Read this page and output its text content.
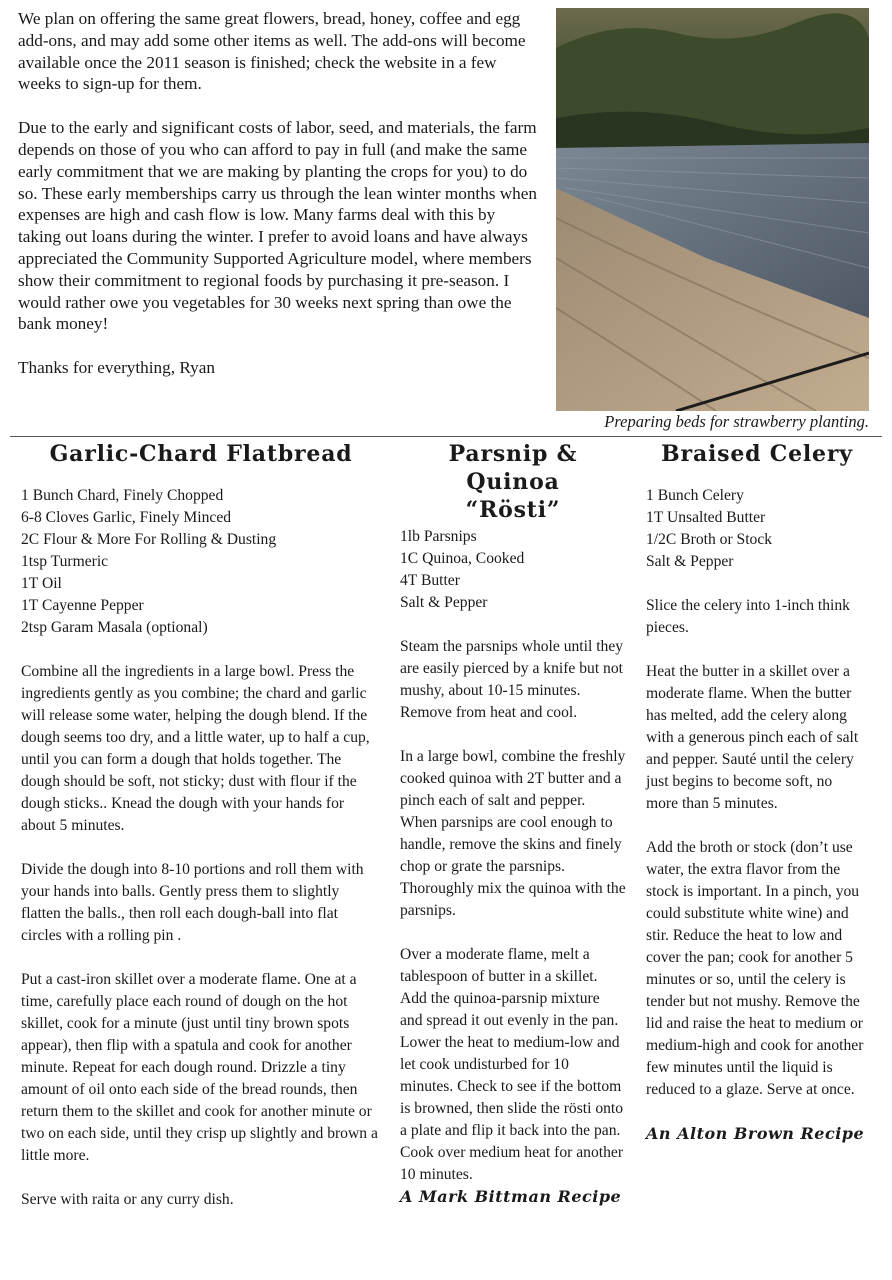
We plan on offering the same great flowers, bread, honey, coffee and egg add-ons, and may add some other items as well. The add-ons will become available once the 2011 season is finished; check the website in a few weeks to sign-up for them.

Due to the early and significant costs of labor, seed, and materials, the farm depends on those of you who can afford to pay in full (and make the same early commitment that we are making by planting the crops for you) to do so. These early memberships carry us through the lean winter months when expenses are high and cash flow is low. Many farms deal with this by taking out loans during the winter. I prefer to avoid loans and have always appreciated the Community Supported Agriculture model, where members show their commitment to regional foods by purchasing it pre-season. I would rather owe you vegetables for 30 weeks next spring than owe the bank money!

Thanks for everything, Ryan

Preparing beds for strawberry planting.
Garlic-Chard Flatbread
1 Bunch Chard, Finely Chopped
6-8 Cloves Garlic, Finely Minced
2C Flour & More For Rolling & Dusting
1tsp Turmeric
1T Oil
1T Cayenne Pepper
2tsp Garam Masala (optional)

Combine all the ingredients in a large bowl. Press the ingredients gently as you combine; the chard and garlic will release some water, helping the dough blend. If the dough seems too dry, and a little water, up to half a cup, until you can form a dough that holds together. The dough should be soft, not sticky; dust with flour if the dough sticks.. Knead the dough with your hands for about 5 minutes.

Divide the dough into 8-10 portions and roll them with your hands into balls. Gently press them to slightly flatten the balls., then roll each dough-ball into flat circles with a rolling pin .

Put a cast-iron skillet over a moderate flame. One at a time, carefully place each round of dough on the hot skillet, cook for a minute (just until tiny brown spots appear), then flip with a spatula and cook for another minute. Repeat for each dough round. Drizzle a tiny amount of oil onto each side of the bread rounds, then return them to the skillet and cook for another minute or two on each side, until they crisp up slightly and brown a little more.

Serve with raita or any curry dish.

Parsnip & Quinoa
“Rösti”
1lb Parsnips
1C Quinoa, Cooked
4T Butter
Salt & Pepper

Steam the parsnips whole until they are easily pierced by a knife but not mushy, about 10-15 minutes. Remove from heat and cool.

In a large bowl, combine the freshly cooked quinoa with 2T butter and a pinch each of salt and pepper. When parsnips are cool enough to handle, remove the skins and finely chop or grate the parsnips. Thoroughly mix the quinoa with the parsnips.

Over a moderate flame, melt a tablespoon of butter in a skillet. Add the quinoa-parsnip mixture and spread it out evenly in the pan. Lower the heat to medium-low and let cook undisturbed for 10 minutes. Check to see if the bottom is browned, then slide the rösti onto a plate and flip it back into the pan. Cook over medium heat for another 10 minutes.

A Mark Bittman Recipe

Braised Celery
1 Bunch Celery
1T Unsalted Butter
1/2C Broth or Stock
Salt & Pepper

Slice the celery into 1-inch think pieces.

Heat the butter in a skillet over a moderate flame. When the butter has melted, add the celery along with a generous pinch each of salt and pepper. Sauté until the celery just begins to become soft, no more than 5 minutes.

Add the broth or stock (don’t use water, the extra flavor from the stock is important. In a pinch, you could substitute white wine) and stir. Reduce the heat to low and cover the pan; cook for another 5 minutes or so, until the celery is tender but not mushy. Remove the lid and raise the heat to medium or medium-high and cook for another few minutes until the liquid is reduced to a glaze. Serve at once.

An Alton Brown Recipe
